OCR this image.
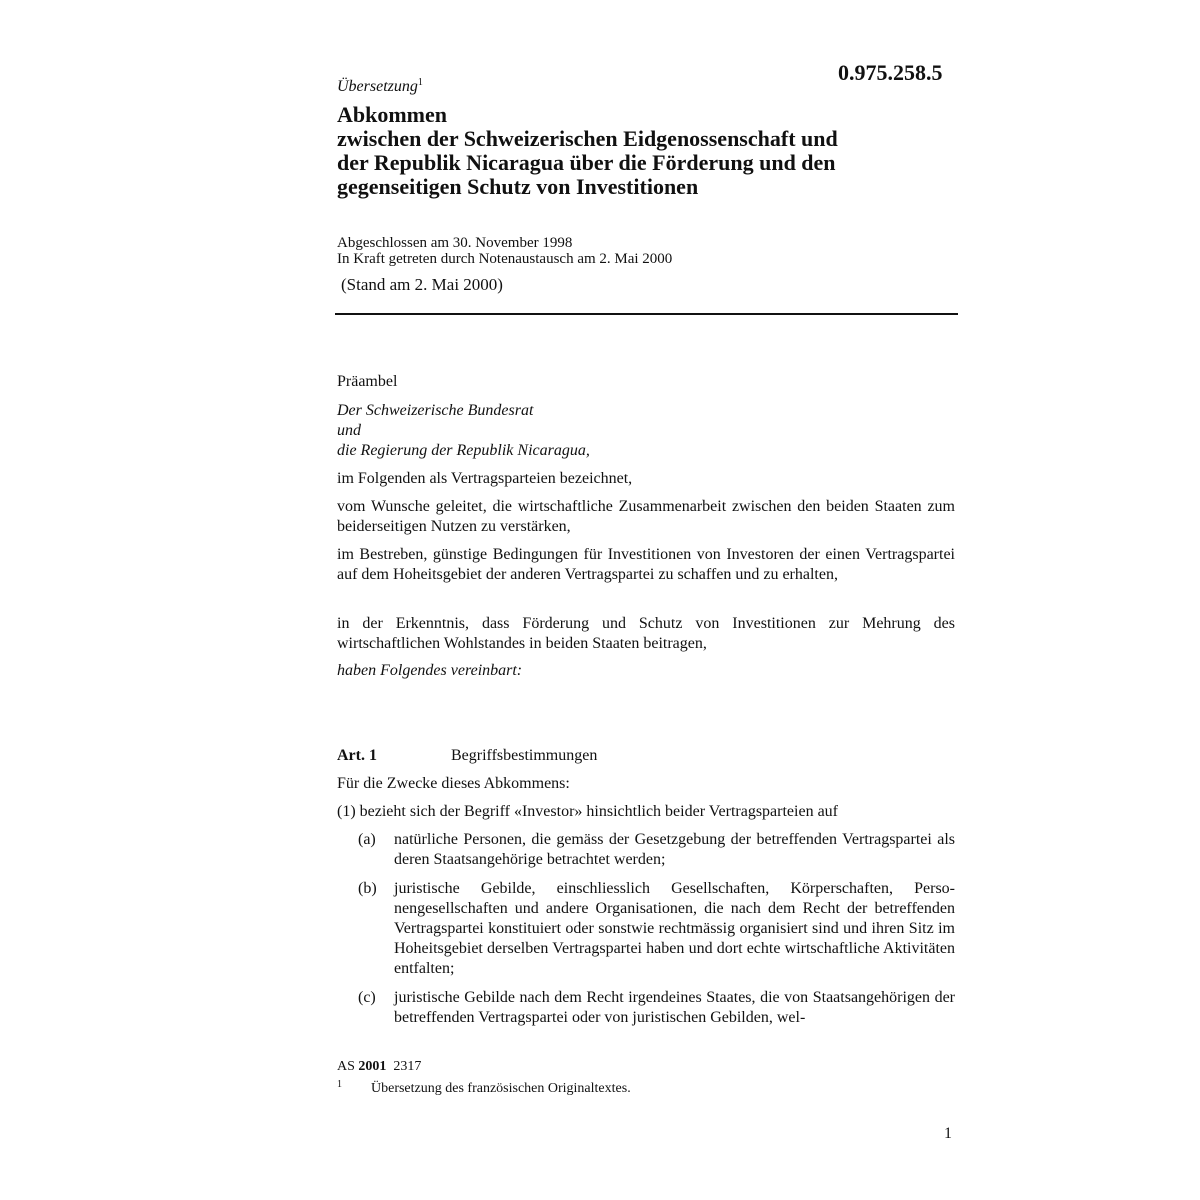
0.975.258.5
Übersetzung$^1$
Abkommen
zwischen der Schweizerischen Eidgenossenschaft und
der Republik Nicaragua über die Förderung und den
gegenseitigen Schutz von Investitionen
Abgeschlossen am 30. November 1998
In Kraft getreten durch Notenaustausch am 2. Mai 2000
(Stand am 2. Mai 2000)
Präambel
Der Schweizerische Bundesrat
und
die Regierung der Republik Nicaragua,
im Folgenden als Vertragsparteien bezeichnet,
vom Wunsche geleitet, die wirtschaftliche Zusammenarbeit zwischen den beiden Staaten zum beiderseitigen Nutzen zu verstärken,
im Bestreben, günstige Bedingungen für Investitionen von Investoren der einen Vertragspartei auf dem Hoheitsgebiet der anderen Vertragspartei zu schaffen und zu erhalten,
in der Erkenntnis, dass Förderung und Schutz von Investitionen zur Mehrung des wirtschaftlichen Wohlstandes in beiden Staaten beitragen,
haben Folgendes vereinbart:
Art. 1	Begriffsbestimmungen
Für die Zwecke dieses Abkommens:
(1) bezieht sich der Begriff «Investor» hinsichtlich beider Vertragsparteien auf
(a) natürliche Personen, die gemäss der Gesetzgebung der betreffenden Vertragspartei als deren Staatsangehörige betrachtet werden;
(b) juristische Gebilde, einschliesslich Gesellschaften, Körperschaften, Personengesellschaften und andere Organisationen, die nach dem Recht der betreffenden Vertragspartei konstituiert oder sonstwie rechtmässig organisiert sind und ihren Sitz im Hoheitsgebiet derselben Vertragspartei haben und dort echte wirtschaftliche Aktivitäten entfalten;
(c) juristische Gebilde nach dem Recht irgendeines Staates, die von Staatsangehörigen der betreffenden Vertragspartei oder von juristischen Gebilden, wel-
AS 2001 2317
1 Übersetzung des französischen Originaltextes.
1
